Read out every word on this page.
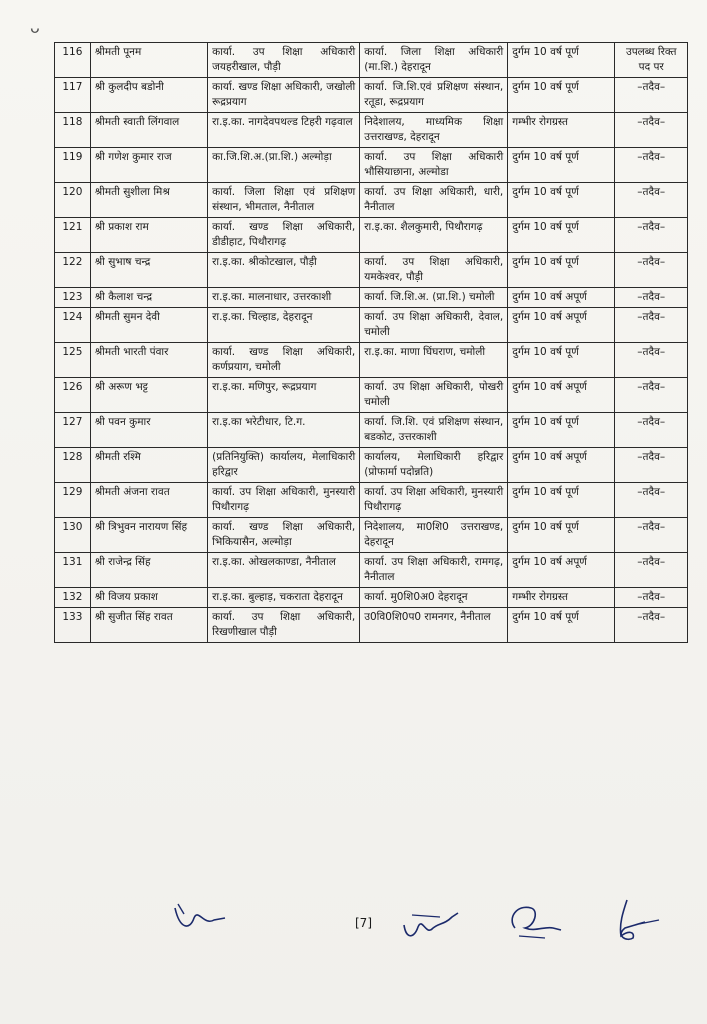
ᴗ
116	श्रीमती पूनम	कार्या. उप शिक्षा अधिकारी जयहरीखाल, पौड़ी	कार्या. जिला शिक्षा अधिकारी (मा.शि.) देहरादून	दुर्गम 10 वर्ष पूर्ण	उपलब्ध रिक्त पद पर
117	श्री कुलदीप बडोनी	कार्या. खण्ड शिक्षा अधिकारी, जखोली रूद्रप्रयाग	कार्या. जि.शि.एवं प्रशिक्षण संस्थान, रतूडा, रूद्रप्रयाग	दुर्गम 10 वर्ष पूर्ण	–तदैव–
118	श्रीमती स्वाती लिंगवाल	रा.इ.का. नागदेवपथल्ड टिहरी गढ़वाल	निदेशालय, माध्यमिक शिक्षा उत्तराखण्ड, देहरादून	गम्भीर रोगग्रस्त	–तदैव–
119	श्री गणेश कुमार राज	का.जि.शि.अ.(प्रा.शि.) अल्मोड़ा	कार्या. उप शिक्षा अधिकारी भौसियाछाना, अल्मोडा	दुर्गम 10 वर्ष पूर्ण	–तदैव–
120	श्रीमती सुशीला मिश्र	कार्या. जिला शिक्षा एवं प्रशिक्षण संस्थान, भीमताल, नैनीताल	कार्या. उप शिक्षा अधिकारी, धारी, नैनीताल	दुर्गम 10 वर्ष पूर्ण	–तदैव–
121	श्री प्रकाश राम	कार्या. खण्ड शिक्षा अधिकारी, डीडीहाट, पिथौरागढ़	रा.इ.का. शैलकुमारी, पिथौरागढ़	दुर्गम 10 वर्ष पूर्ण	–तदैव–
122	श्री सुभाष चन्द्र	रा.इ.का. श्रीकोटखाल, पौड़ी	कार्या. उप शिक्षा अधिकारी, यमकेश्वर, पौड़ी	दुर्गम 10 वर्ष पूर्ण	–तदैव–
123	श्री कैलाश चन्द्र	रा.इ.का. मालनाधार, उत्तरकाशी	कार्या. जि.शि.अ. (प्रा.शि.) चमोली	दुर्गम 10 वर्ष अपूर्ण	–तदैव–
124	श्रीमती सुमन देवी	रा.इ.का. चिल्हाड, देहरादून	कार्या. उप शिक्षा अधिकारी, देवाल, चमोली	दुर्गम 10 वर्ष अपूर्ण	–तदैव–
125	श्रीमती भारती पंवार	कार्या. खण्ड शिक्षा अधिकारी, कर्णप्रयाग, चमोली	रा.इ.का. माणा घिंघराण, चमोली	दुर्गम 10 वर्ष पूर्ण	–तदैव–
126	श्री अरूण भट्ट	रा.इ.का. मणिपुर, रूद्रप्रयाग	कार्या. उप शिक्षा अधिकारी, पोखरी चमोली	दुर्गम 10 वर्ष अपूर्ण	–तदैव–
127	श्री पवन कुमार	रा.इ.का भरेटीधार, टि.ग.	कार्या. जि.शि. एवं प्रशिक्षण संस्थान, बडकोट, उत्तरकाशी	दुर्गम 10 वर्ष पूर्ण	–तदैव–
128	श्रीमती रश्मि	(प्रतिनियुक्ति) कार्यालय, मेलाधिकारी हरिद्वार	कार्यालय, मेलाधिकारी हरिद्वार (प्रोफार्मा पदोन्नति)	दुर्गम 10 वर्ष अपूर्ण	–तदैव–
129	श्रीमती अंजना रावत	कार्या. उप शिक्षा अधिकारी, मुनस्यारी पिथौरागढ़	कार्या. उप शिक्षा अधिकारी, मुनस्यारी पिथौरागढ़	दुर्गम 10 वर्ष पूर्ण	–तदैव–
130	श्री त्रिभुवन नारायण सिंह	कार्या. खण्ड शिक्षा अधिकारी, भिकियासैन, अल्मोड़ा	निदेशालय, मा0शि0 उत्तराखण्ड, देहरादून	दुर्गम 10 वर्ष पूर्ण	–तदैव–
131	श्री राजेन्द्र सिंह	रा.इ.का. ओखलकाण्डा, नैनीताल	कार्या. उप शिक्षा अधिकारी, रामगढ़, नैनीताल	दुर्गम 10 वर्ष अपूर्ण	–तदैव–
132	श्री विजय प्रकाश	रा.इ.का. बुल्हाड़, चकराता देहरादून	कार्या. मु0शि0अ0 देहरादून	गम्भीर रोगग्रस्त	–तदैव–
133	श्री सुजीत सिंह रावत	कार्या. उप शिक्षा अधिकारी, रिखणीखाल पौड़ी	उ0वि0शि0प0 रामनगर, नैनीताल	दुर्गम 10 वर्ष पूर्ण	–तदैव–
[7]
